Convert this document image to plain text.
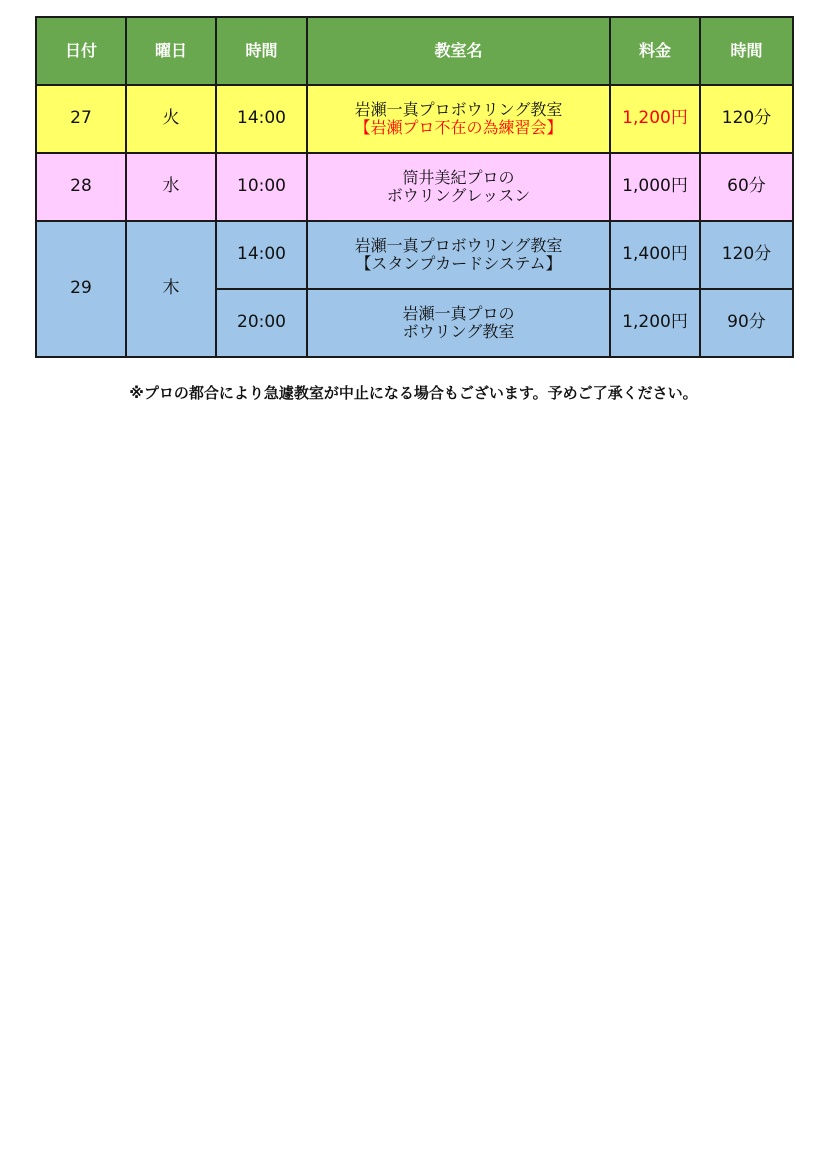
日付	曜日	時間	教室名	料金	時間
27	火	14:00	岩瀬一真プロボウリング教室
【岩瀬プロ不在の為練習会】	1,200円	120分
28	水	10:00	筒井美紀プロの
ボウリングレッスン	1,000円	60分
29	木	14:00	岩瀬一真プロボウリング教室
【スタンプカードシステム】	1,400円	120分
		20:00	岩瀬一真プロの
ボウリング教室	1,200円	90分
※プロの都合により急遽教室が中止になる場合もございます。予めご了承ください。
